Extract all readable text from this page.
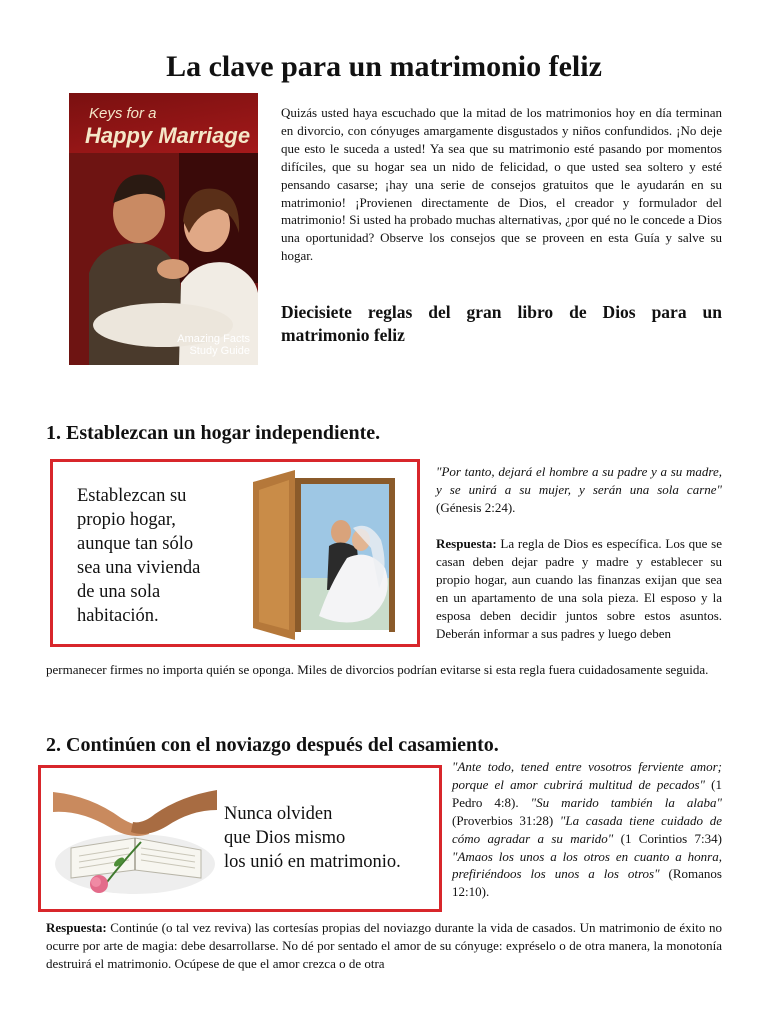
La clave para un matrimonio feliz
Keys for a
Happy Marriage
Amazing Facts
Study Guide

Quizás usted haya escuchado que la mitad de los matrimonios hoy en día terminan en divorcio, con cónyuges amargamente disgustados y niños confundidos. ¡No deje que esto le suceda a usted! Ya sea que su matrimonio esté pasando por momentos difíciles, que su hogar sea un nido de felicidad, o que usted sea soltero y esté pensando casarse; ¡hay una serie de consejos gratuitos que le ayudarán en su matrimonio! ¡Provienen directamente de Dios, el creador y formulador del matrimonio! Si usted ha probado muchas alternativas, ¿por qué no le concede a Dios una oportunidad? Observe los consejos que se proveen en esta Guía y salve su hogar.

Diecisiete reglas del gran libro de Dios para un matrimonio feliz

1. Establezcan un hogar independiente.
Establezcan su
propio hogar,
aunque tan sólo
sea una vivienda
de una sola
habitación.

"Por tanto, dejará el hombre a su padre y a su madre, y se unirá a su mujer, y serán una sola carne" (Génesis 2:24).

Respuesta: La regla de Dios es específica. Los que se casan deben dejar padre y madre y establecer su propio hogar, aun cuando las finanzas exijan que sea en un apartamento de una sola pieza. El esposo y la esposa deben decidir juntos sobre estos asuntos. Deberán informar a sus padres y luego deben

permanecer firmes no importa quién se oponga. Miles de divorcios podrían evitarse si esta regla fuera cuidadosamente seguida.

2. Continúen con el noviazgo después del casamiento.
Nunca olviden
que Dios mismo
los unió en matrimonio.

"Ante todo, tened entre vosotros ferviente amor; porque el amor cubrirá multitud de pecados" (1 Pedro 4:8). "Su marido también la alaba" (Proverbios 31:28) "La casada tiene cuidado de cómo agradar a su marido" (1 Corintios 7:34) "Amaos los unos a los otros en cuanto a honra, prefiriéndoos los unos a los otros" (Romanos 12:10).

Respuesta: Continúe (o tal vez reviva) las cortesías propias del noviazgo durante la vida de casados. Un matrimonio de éxito no ocurre por arte de magia: debe desarrollarse. No dé por sentado el amor de su cónyuge: expréselo o de otra manera, la monotonía destruirá el matrimonio. Ocúpese de que el amor crezca o de otra
